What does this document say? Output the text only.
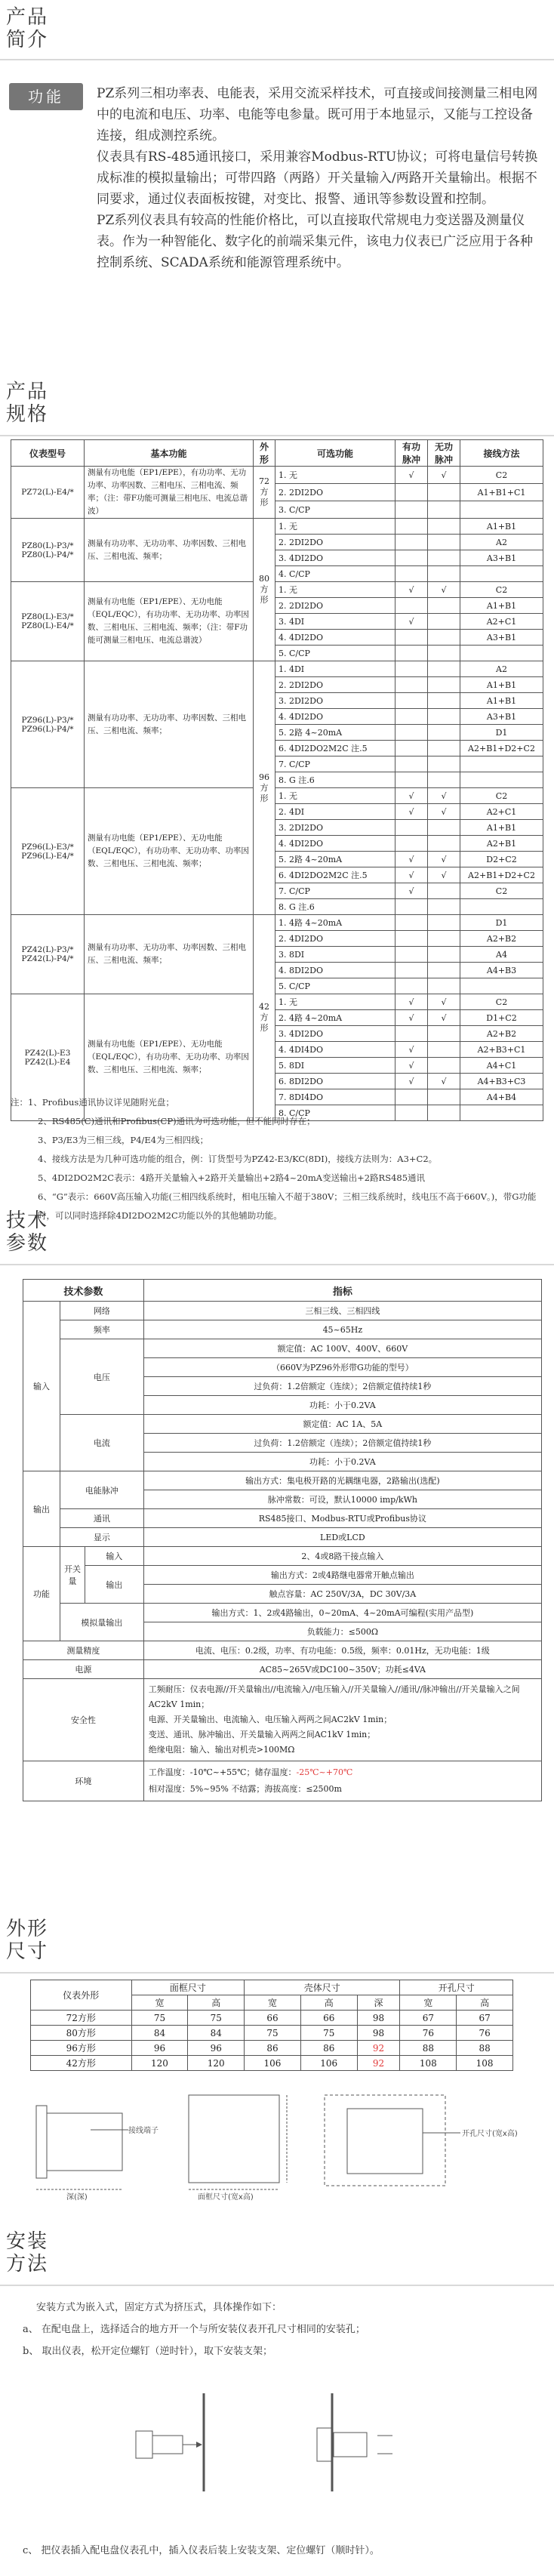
产品
简介
功能	PZ系列三相功率表、电能表，采用交流采样技术，可直接或间接测量三相电网中的电流和电压、功率、电能等电参量。既可用于本地显示，又能与工控设备连接，组成测控系统。

仪表具有RS-485通讯接口，采用兼容Modbus-RTU协议；可将电量信号转换成标准的模拟量输出；可带四路（两路）开关量输入/两路开关量输出。根据不同要求，通过仪表面板按键，对变比、报警、通讯等参数设置和控制。

PZ系列仪表具有较高的性能价格比，可以直接取代常规电力变送器及测量仪表。作为一种智能化、数字化的前端采集元件，该电力仪表已广泛应用于各种控制系统、SCADA系统和能源管理系统中。

产品
规格
仪表型号	基本功能	外形	可选功能	有功脉冲	无功脉冲	接线方法
PZ72(L)-E4/*	测量有功电能（EP1/EPE），有功功率、无功功率、功率因数、三相电压、三相电流、频率；（注：带F功能可测量三相电压、电流总谐波）	72方形	1. 无	√	√	C2
			2. 2DI2DO			A1+B1+C1
			3. C/CP			
PZ80(L)-P3/* PZ80(L)-P4/*	测量有功功率、无功功率、功率因数、三相电压、三相电流、频率；	80方形	1. 无			A1+B1
			2. 2DI2DO			A2
			3. 4DI2DO			A3+B1
			4. C/CP			
PZ80(L)-E3/* PZ80(L)-E4/*	测量有功电能（EP1/EPE）、无功电能（EQL/EQC），有功功率、无功功率、功率因数、三相电压、三相电流、频率；（注：带F功能可测量三相电压、电流总谐波）		1. 无	√	√	C2
			2. 2DI2DO			A1+B1
			3. 4DI	√		A2+C1
			4. 4DI2DO			A3+B1
			5. C/CP			
PZ96(L)-P3/* PZ96(L)-P4/*	测量有功功率、无功功率、功率因数、三相电压、三相电流、频率；	96方形	1. 4DI			A2
			2. 2DI2DO			A1+B1
			3. 2DI2DO			A1+B1
			4. 4DI2DO			A3+B1
			5. 2路 4~20mA			D1
			6. 4DI2DO2M2C 注.5			A2+B1+D2+C2
			7. C/CP			
			8. G 注.6			
PZ96(L)-E3/* PZ96(L)-E4/*	测量有功电能（EP1/EPE）、无功电能（EQL/EQC），有功功率、无功功率、功率因数、三相电压、三相电流、频率；		1. 无	√	√	C2
			2. 4DI	√	√	A2+C1
			3. 2DI2DO			A1+B1
			4. 4DI2DO			A2+B1
			5. 2路 4~20mA	√	√	D2+C2
			6. 4DI2DO2M2C 注.5	√	√	A2+B1+D2+C2
			7. C/CP	√		C2
			8. G 注.6			
PZ42(L)-P3/* PZ42(L)-P4/*	测量有功功率、无功功率、功率因数、三相电压、三相电流、频率；	42方形	1. 4路 4~20mA			D1
			2. 4DI2DO			A2+B2
			3. 8DI			A4
			4. 8DI2DO			A4+B3
			5. C/CP			
PZ42(L)-E3 PZ42(L)-E4	测量有功电能（EP1/EPE）、无功电能（EQL/EQC），有功功率、无功功率、功率因数、三相电压、三相电流、频率；		1. 无	√	√	C2
			2. 4路 4~20mA	√	√	D1+C2
			3. 4DI2DO			A2+B2
			4. 4DI4DO	√		A2+B3+C1
			5. 8DI	√		A4+C1
			6. 8DI2DO	√	√	A4+B3+C3
			7. 8DI4DO			A4+B4
			8. C/CP			
注：1、Profibus通讯协议详见随附光盘；
2、RS485(C)通讯和Profibus(CP)通讯为可选功能，但不能同时存在；
3、P3/E3为三相三线，P4/E4为三相四线；
4、接线方法是为几种可选功能的组合，例：订货型号为PZ42-E3/KC(8DI)，接线方法则为：A3+C2。
5、4DI2DO2M2C表示：4路开关量输入+2路开关量输出+2路4~20mA变送输出+2路RS485通讯
6、“G”表示：660V高压输入功能(三相四线系统时，相电压输入不超于380V；三相三线系统时，线电压不高于660V。)，带G功能时，可以同时选择除4DI2DO2M2C功能以外的其他辅助功能。
技术
参数
技术参数			指标
输入	网络		三相三线、三相四线
	频率		45~65Hz
	电压		额定值：AC 100V、400V、660V
			（660V为PZ96外形带G功能的型号）
			过负荷：1.2倍额定（连续）；2倍额定值持续1秒
			功耗：小于0.2VA
	电流		额定值：AC 1A、5A
			过负荷：1.2倍额定（连续）；2倍额定值持续1秒
			功耗：小于0.2VA
输出	电能脉冲		输出方式：集电极开路的光耦继电器，2路输出(选配)
			脉冲常数：可设，默认10000 imp/kWh
	通讯		RS485接口、Modbus-RTU或Profibus协议
	显示		LED或LCD
功能	开关量	输入	2、4或8路干接点输入
		输出	输出方式：2或4路继电器常开触点输出
			触点容量：AC 250V/3A，DC 30V/3A
	模拟量输出		输出方式：1、2或4路输出，0~20mA、4~20mA可编程(实用产品型)
			负载能力：≤500Ω
测量精度			电流、电压：0.2级，功率、有功电能：0.5级，频率：0.01Hz，无功电能：1级
电源			AC85~265V或DC100~350V；功耗≤4VA
安全性			工频耐压：仪表电源//开关量输出//电流输入//电压输入//开关量输入//通讯//脉冲输出//开关量输入之间AC2kV 1min；
电源、开关量输出、电流输入、电压输入两两之间AC2kV 1min；
变送、通讯、脉冲输出、开关量输入两两之间AC1kV 1min；
绝缘电阻：输入、输出对机壳>100MΩ

环境			工作温度：-10℃~+55℃；储存温度：-25℃~+70℃
相对湿度：5%~95% 不结露；海拔高度：≤2500m
外形
尺寸
仪表外形	面框尺寸		壳体尺寸			开孔尺寸	
	宽	高	宽	高	深	宽	高
72方形	75	75	66	66	98	67	67
80方形	84	84	75	75	98	76	76
96方形	96	96	86	86	92	88	88
42方形	120	120	106	106	92	108	108
接线端子
深(深)	面框尺寸(宽x高)
开孔尺寸(宽x高)
安装
方法
安装方式为嵌入式，固定方式为挤压式，具体操作如下：
a、 在配电盘上，选择适合的地方开一个与所安装仪表开孔尺寸相同的安装孔；
b、 取出仪表，松开定位螺钉（逆时针），取下安装支架；
c、 把仪表插入配电盘仪表孔中，插入仪表后装上安装支架、定位螺钉（顺时针）。
